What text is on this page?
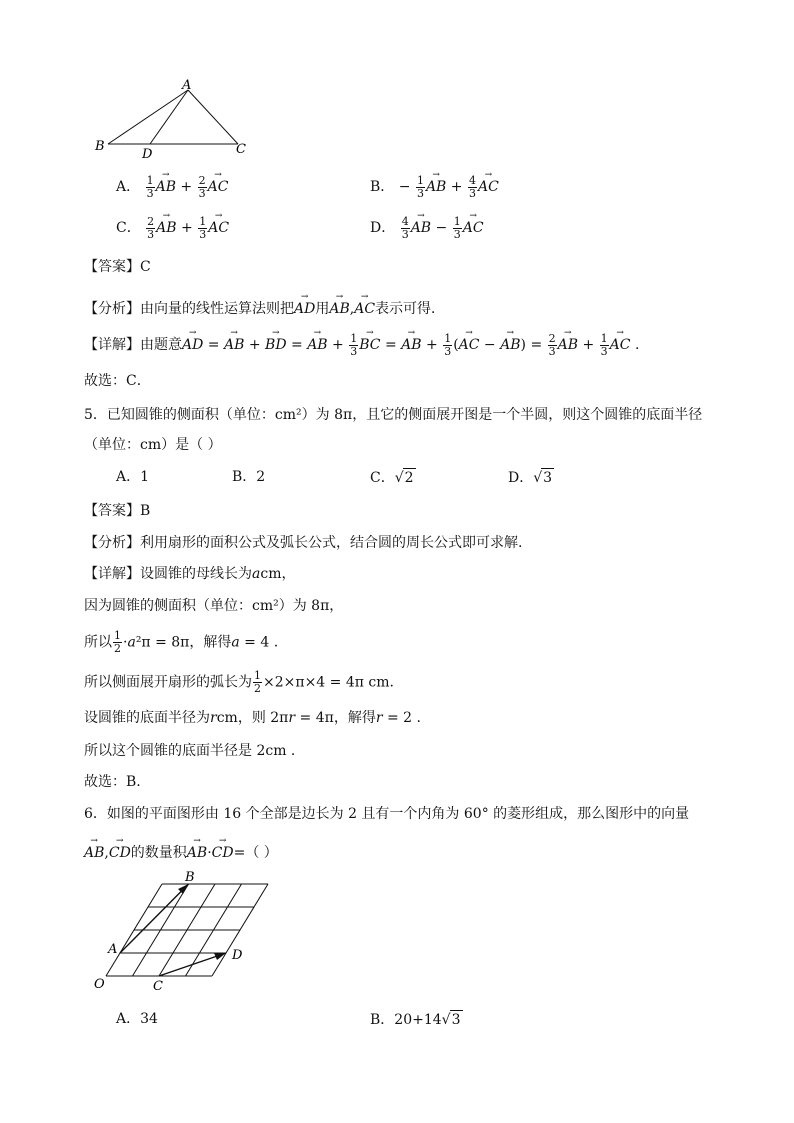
A
B	C
D
A． $\frac{1}{3}$ → AB + $\frac{2}{3}$ → AC	B． − $\frac{1}{3}$ → AB + $\frac{4}{3}$ → AC
C． $\frac{2}{3}$ → AB + $\frac{1}{3}$ → AC	D． $\frac{4}{3}$ → AB − $\frac{1}{3}$ → AC
【答案】C
【分析】由向量的线性运算法则把→ AD用→ AB,→ AC表示可得．
【详解】由题意→ AD = → AB + → BD = → AB + $\frac{1}{3}$ → BC = → AB + $\frac{1}{3}$ (→ AC − → $AB) = \frac{2}{3}$ → AB + $\frac{1}{3}$ → AC .
故选：C．
5．已知圆锥的侧面积（单位：cm²）为 8π，且它的侧面展开图是一个半圆，则这个圆锥的底面半径
（单位：cm）是（ ）
A．1	B．2	C．√2	D．√3
【答案】B
【分析】利用扇形的面积公式及弧长公式，结合圆的周长公式即可求解.
【详解】设圆锥的母线长为acm，
因为圆锥的侧面积（单位：cm²）为 8π，
所以 $\frac{1}{2} \cdot a^2\pi = 8\pi$，解得a = 4 .
所以侧面展开扇形的弧长为 $\frac{1}{2} \times 2\times\pi\times 4 = 4\pi$ cm.
设圆锥的底面半径为rcm，则 2πr = 4π，解得r = 2 .
所以这个圆锥的底面半径是 2cm .
故选：B.
6．如图的平面图形由 16 个全部是边长为 2 且有一个内角为 60° 的菱形组成，那么图形中的向量
→ AB,→ CD的数量积→ AB·→ CD=（ ）
B
A	D
C
O
A．34	B．20+14√3
